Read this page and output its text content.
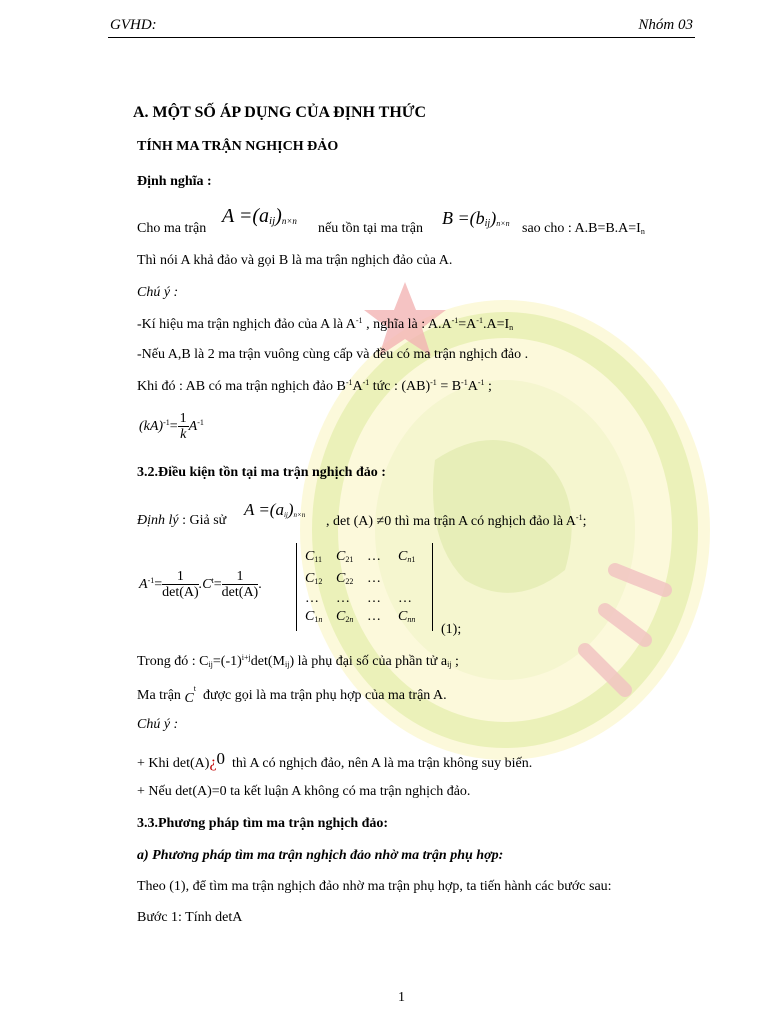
GVHD:	Nhóm 03
A. MỘT SỐ ÁP DỤNG CỦA ĐỊNH THỨC
TÍNH MA TRẬN NGHỊCH ĐẢO
Định nghĩa :
Cho ma trận
$A =(a_{ij})_{n\times n}$ nếu tồn tại ma trận
$B =(b_{ij})_{n\times n}$ sao cho : $A.B=B.A=I_n$
Thì nói A khả đảo và gọi B là ma trận nghịch đảo của A.
Chú ý :
-Kí hiệu ma trận nghịch đảo của A là $A^{-1}$ , nghĩa là : $A.A^{-1}=A^{-1}.A=I_n$
-Nếu A,B là 2 ma trận vuông cùng cấp và đều có ma trận nghịch đảo .
Khi đó : AB có ma trận nghịch đảo $B^{-1}A^{-1}$ tức : $(AB)^{-1} = B^{-1}A^{-1}$ ;
$(kA)^{-1}= \frac{1}{k} A^{-1}$
3.2.Điều kiện tồn tại ma trận nghịch đảo :
Định lý : Giả sử
$A =(a_{ij})_{n\times n}$ , det (A) ≠0 thì ma trận A có nghịch đảo là $A^{-1}$;
$A^{-1}= \frac{1}{\det(A)} .C^t= \frac{1}{\det(A)}$ .
$C_{11}$ $C_{21}$ … $C_{n1}$
$C_{12}$ $C_{22}$ …
… … … …
$C_{1n}$ $C_{2n}$ … $C_{nn}$
(1);
Trong đó : $C_{ij}=(-1)^{i+j}\det(M_{ij})$ là phụ đại số của phần tử $a_{ij}$ ;
Ma trận $C^t$ được gọi là ma trận phụ hợp của ma trận A.
Chú ý :
+ Khi det(A)¿0 thì A có nghịch đảo, nên A là ma trận không suy biến.
+ Nếu det(A)=0 ta kết luận A không có ma trận nghịch đảo.
3.3.Phương pháp tìm ma trận nghịch đảo:
a) Phương pháp tìm ma trận nghịch đảo nhờ ma trận phụ hợp:
Theo (1), để tìm ma trận nghịch đảo nhờ ma trận phụ hợp, ta tiến hành các bước sau:
Bước 1: Tính detA
1
